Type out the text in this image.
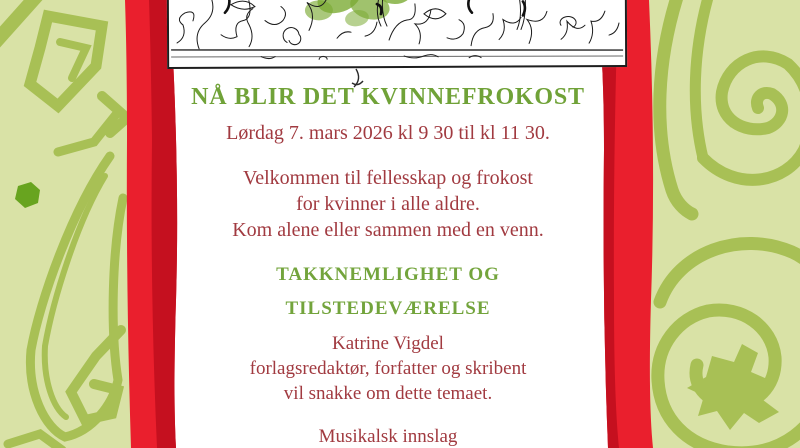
NÅ BLIR DET KVINNEFROKOST

Lørdag 7. mars 2026 kl 9 30 til kl 11 30.

Velkommen til fellesskap og frokost
for kvinner i alle aldre.
Kom alene eller sammen med en venn.

TAKKNEMLIGHET OG
TILSTEDEVÆRELSE

Katrine Vigdel
forlagsredaktør, forfatter og skribent
vil snakke om dette temaet.

Musikalsk innslag
